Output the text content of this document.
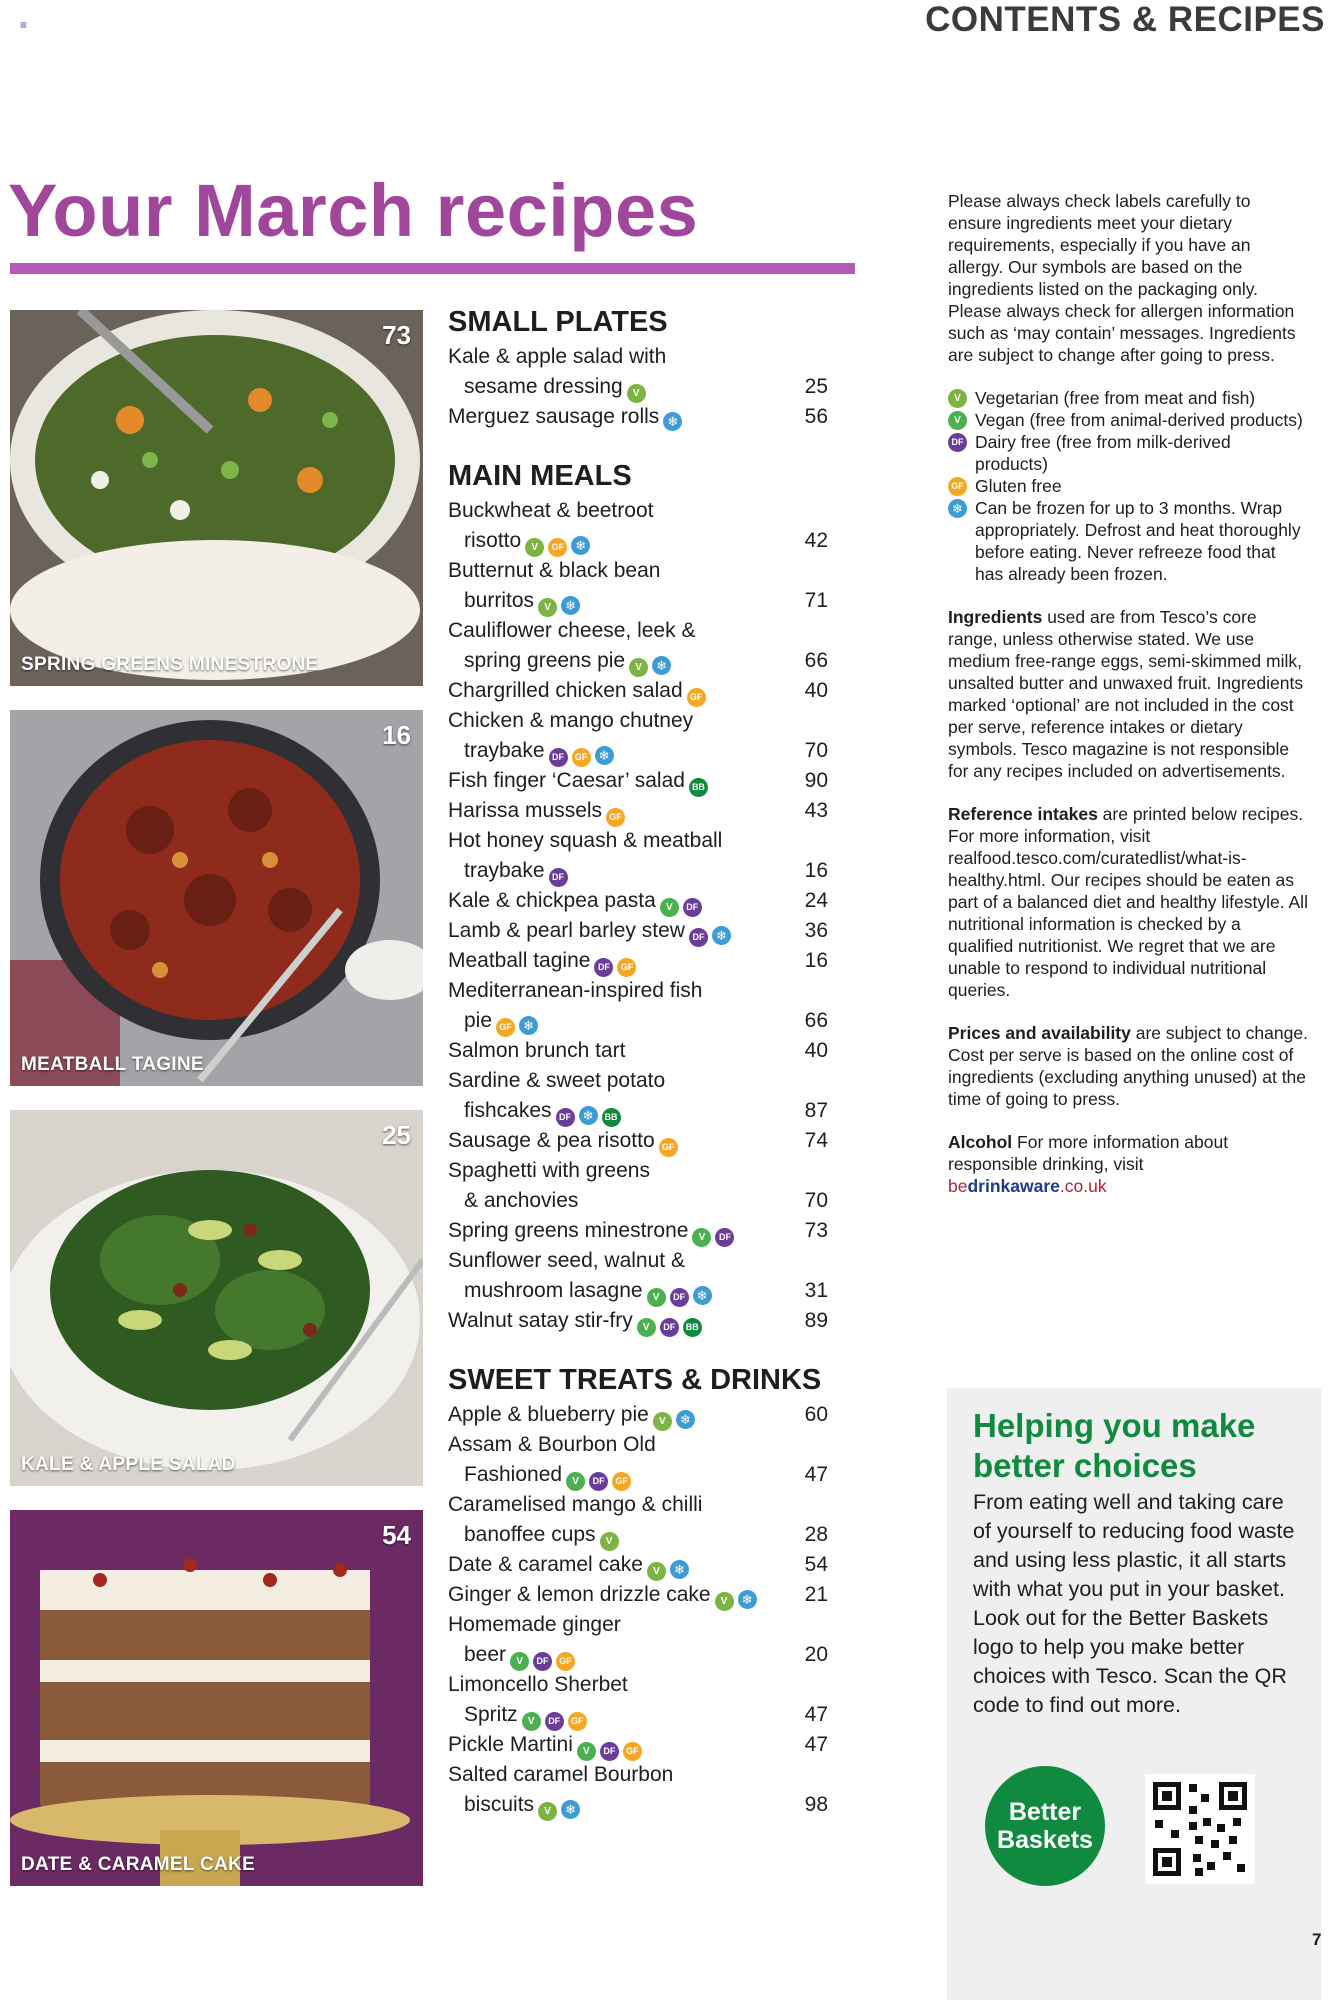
≡	CONTENTS & RECIPES
Your March recipes
73
SPRING GREENS MINESTRONE
16
MEATBALL TAGINE
25
KALE & APPLE SALAD
54
DATE & CARAMEL CAKE
SMALL PLATES
Kale & apple salad with
sesame dressing V	25
Merguez sausage rolls ❄	56
MAIN MEALS
Buckwheat & beetroot
risotto V GF ❄	42
Butternut & black bean
burritos V ❄	71
Cauliflower cheese, leek &
spring greens pie V ❄	66
Chargrilled chicken salad GF	40
Chicken & mango chutney
traybake DF GF ❄	70
Fish finger ‘Caesar’ salad BB	90
Harissa mussels GF	43
Hot honey squash & meatball
traybake DF	16
Kale & chickpea pasta V DF	24
Lamb & pearl barley stew DF ❄	36
Meatball tagine DF GF	16
Mediterranean-inspired fish
pie GF ❄	66
Salmon brunch tart	40
Sardine & sweet potato
fishcakes DF ❄ BB	87
Sausage & pea risotto GF	74
Spaghetti with greens
& anchovies	70
Spring greens minestrone V DF	73
Sunflower seed, walnut &
mushroom lasagne V DF ❄	31
Walnut satay stir-fry V DF BB	89
SWEET TREATS & DRINKS
Apple & blueberry pie V ❄	60
Assam & Bourbon Old
Fashioned V DF GF	47
Caramelised mango & chilli
banoffee cups V	28
Date & caramel cake V ❄	54
Ginger & lemon drizzle cake V ❄ 21
Homemade ginger
beer V DF GF	20
Limoncello Sherbet
Spritz V DF GF	47
Pickle Martini V DF GF	47
Salted caramel Bourbon
biscuits V ❄	98

Please always check labels carefully to ensure ingredients meet your dietary requirements, especially if you have an allergy. Our symbols are based on the ingredients listed on the packaging only. Please always check for allergen information such as ‘may contain’ messages. Ingredients are subject to change after going to press.

V Vegetarian (free from meat and fish)
V Vegan (free from animal-derived products)
DF Dairy free (free from milk-derived products)
GF Gluten free
❄ Can be frozen for up to 3 months. Wrap appropriately. Defrost and heat thoroughly before eating. Never refreeze food that has already been frozen.

Ingredients used are from Tesco’s core range, unless otherwise stated. We use medium free-range eggs, semi-skimmed milk, unsalted butter and unwaxed fruit. Ingredients marked ‘optional’ are not included in the cost per serve, reference intakes or dietary symbols. Tesco magazine is not responsible for any recipes included on advertisements.

Reference intakes are printed below recipes. For more information, visit realfood.tesco.com/curatedlist/what-is-healthy.html. Our recipes should be eaten as part of a balanced diet and healthy lifestyle. All nutritional information is checked by a qualified nutritionist. We regret that we are unable to respond to individual nutritional queries.

Prices and availability are subject to change. Cost per serve is based on the online cost of ingredients (excluding anything unused) at the time of going to press.

Alcohol For more information about responsible drinking, visit
bedrinkaware.co.uk

Helping you make better choices
From eating well and taking care of yourself to reducing food waste and using less plastic, it all starts with what you put in your basket. Look out for the Better Baskets logo to help you make better choices with Tesco. Scan the QR code to find out more.
Better
Baskets
7
